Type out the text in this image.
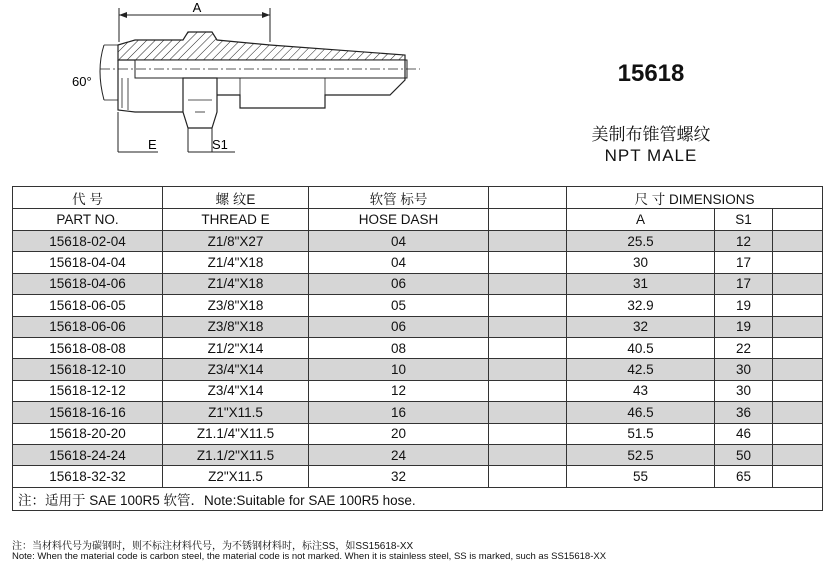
A
60°
E	S1
15618
美制布锥管螺纹
NPT MALE
代 号	螺 纹E	软管 标号		尺 寸 DIMENSIONS		
PART NO.	THREAD E	HOSE DASH		A	S1	
15618-02-04	Z1/8"X27	04		25.5	12	
15618-04-04	Z1/4"X18	04		30	17	
15618-04-06	Z1/4"X18	06		31	17	
15618-06-05	Z3/8"X18	05		32.9	19	
15618-06-06	Z3/8"X18	06		32	19	
15618-08-08	Z1/2"X14	08		40.5	22	
15618-12-10	Z3/4"X14	10		42.5	30	
15618-12-12	Z3/4"X14	12		43	30	
15618-16-16	Z1"X11.5	16		46.5	36	
15618-20-20	Z1.1/4"X11.5	20		51.5	46	
15618-24-24	Z1.1/2"X11.5	24		52.5	50	
15618-32-32	Z2"X11.5	32		55	65	
注：适用于 SAE 100R5 软管．Note:Suitable for SAE 100R5 hose.						
注：当材料代号为碳钢时，则不标注材料代号，为不锈钢材料时，标注SS，如SS15618-XX
Note: When the material code is carbon steel, the material code is not marked. When it is stainless steel, SS is marked, such as SS15618-XX
